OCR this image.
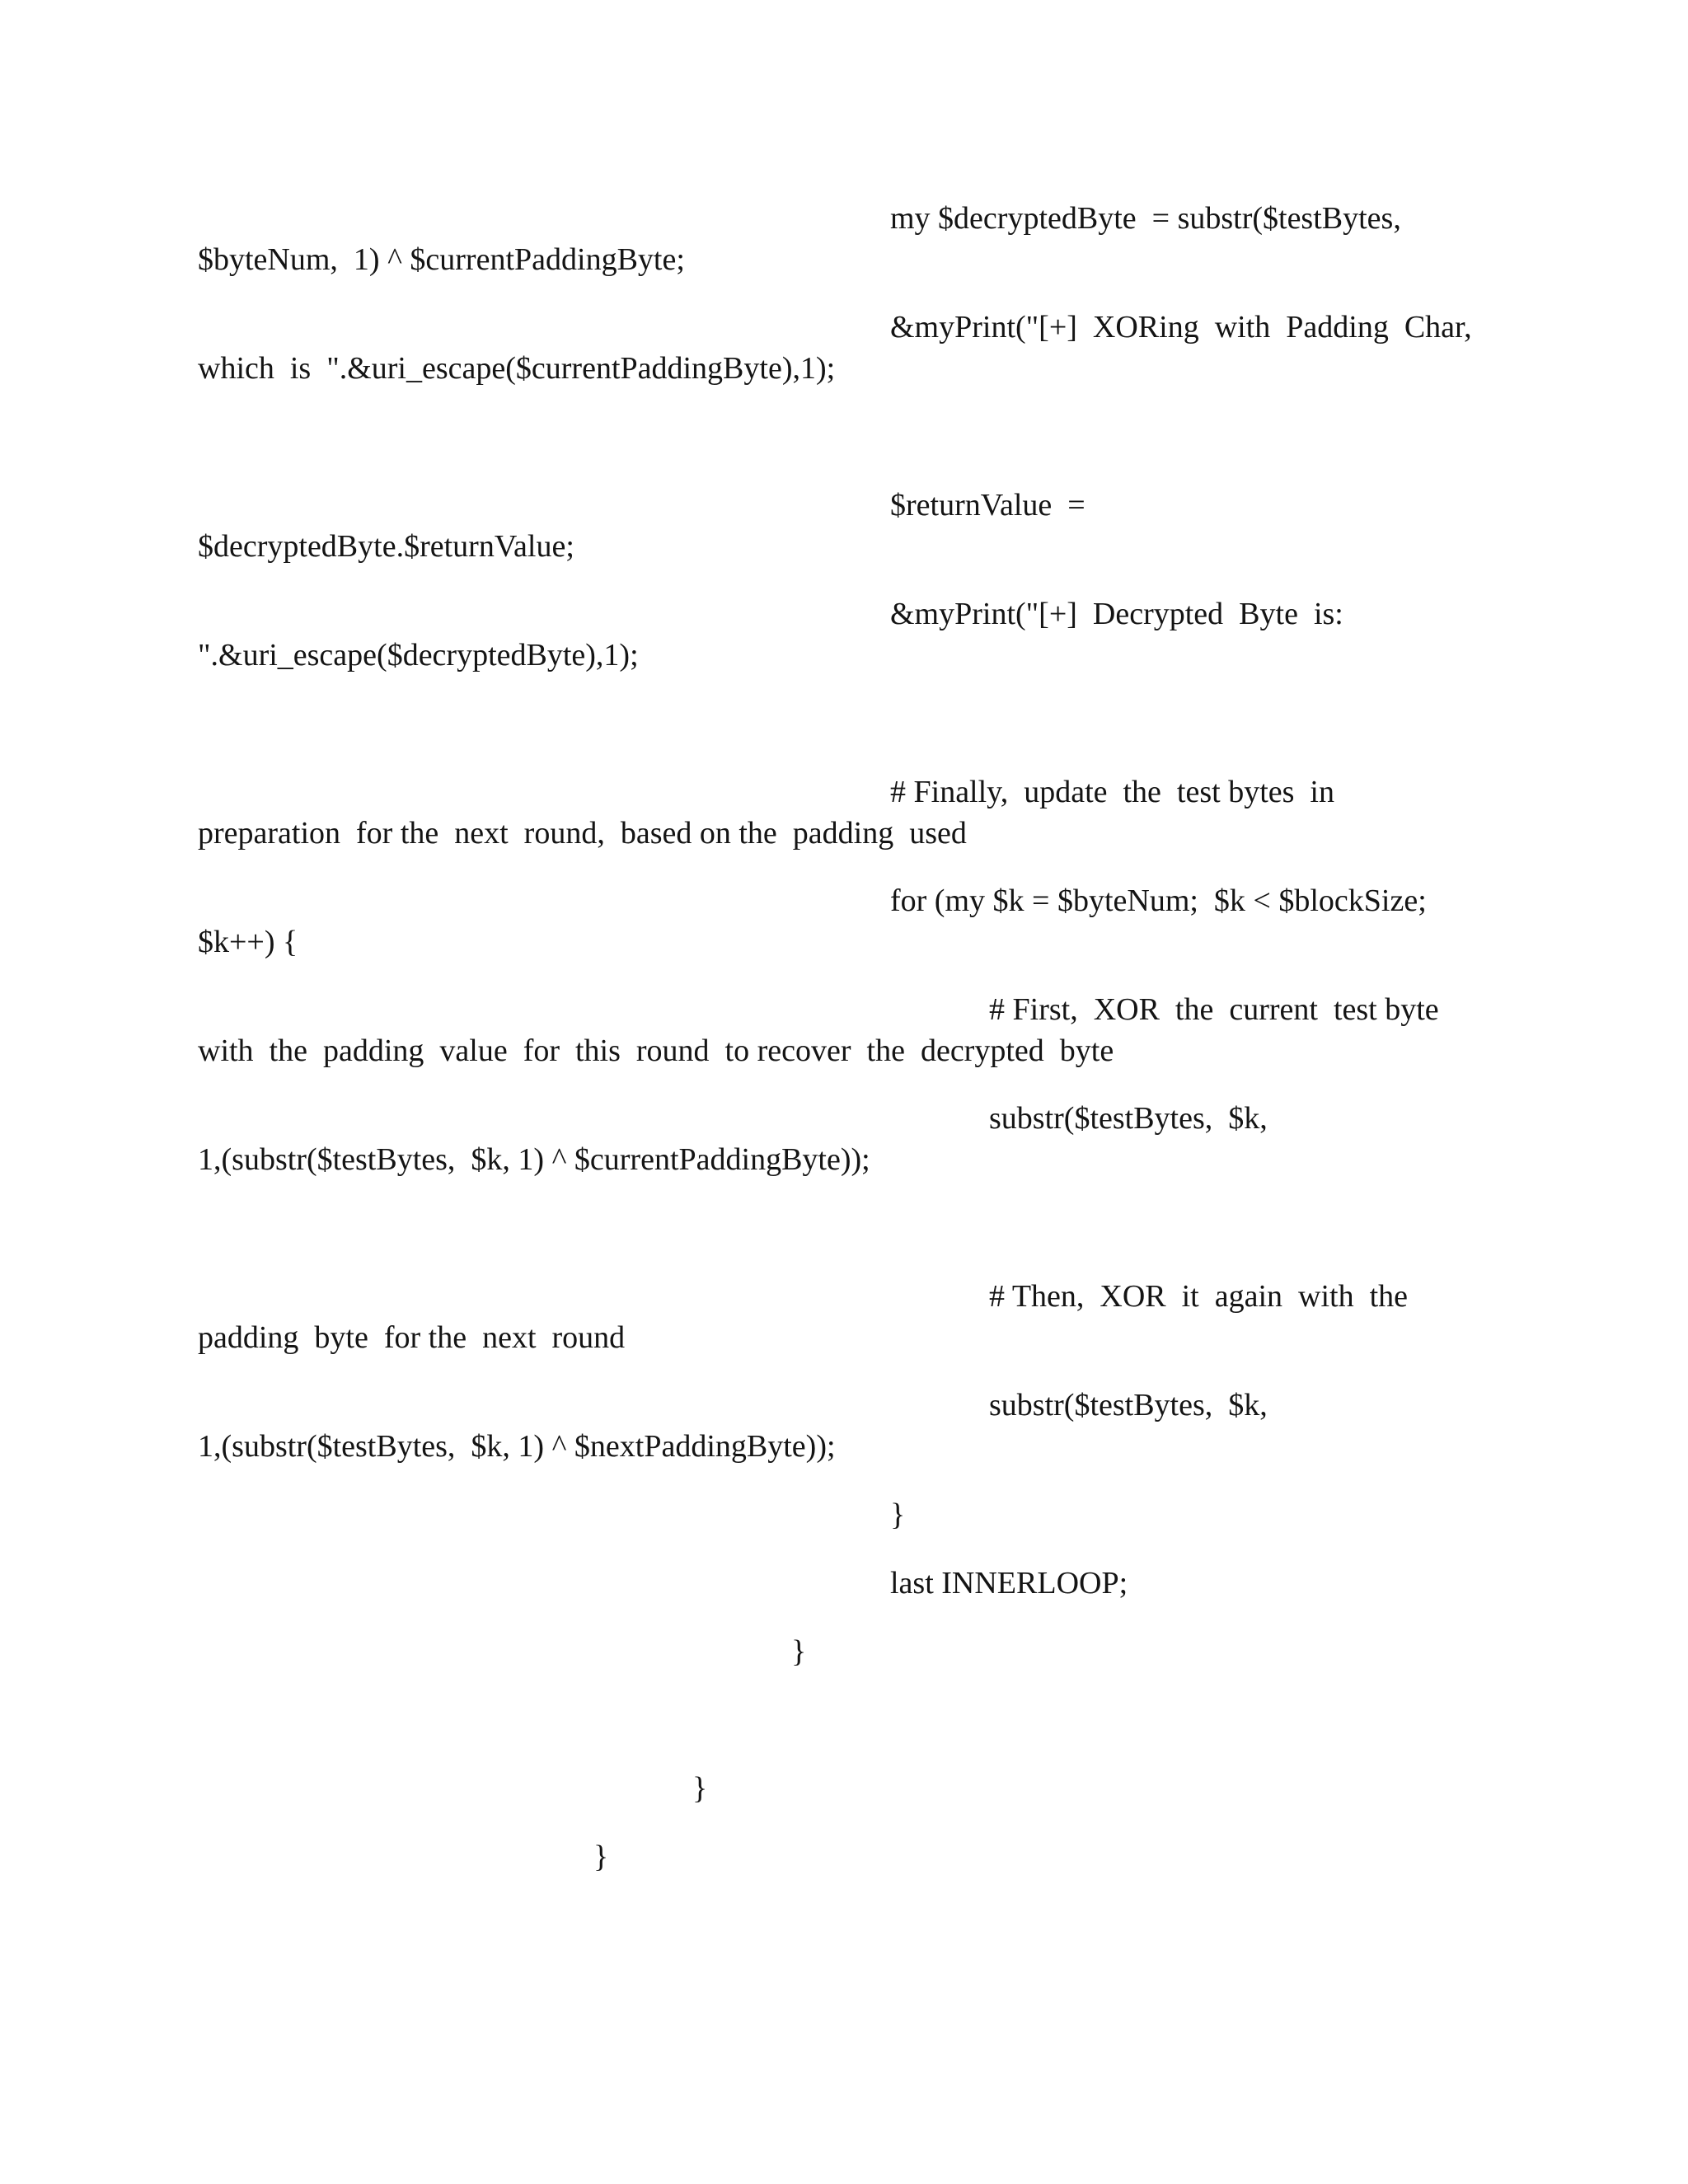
my $decryptedByte  = substr($testBytes,

$byteNum,  1) ^ $currentPaddingByte;

&myPrint("[+]  XORing  with  Padding  Char,

which  is  ".&uri_escape($currentPaddingByte),1);

$returnValue  =

$decryptedByte.$returnValue;

&myPrint("[+]  Decrypted  Byte  is:

".&uri_escape($decryptedByte),1);

# Finally,  update  the  test bytes  in

preparation  for the  next  round,  based on the  padding  used

for (my $k = $byteNum;  $k < $blockSize;

$k++) {

# First,  XOR  the  current  test byte

with  the  padding  value  for  this  round  to recover  the  decrypted  byte

substr($testBytes,  $k,

1,(substr($testBytes,  $k, 1) ^ $currentPaddingByte));

# Then,  XOR  it  again  with  the

padding  byte  for the  next  round

substr($testBytes,  $k,

1,(substr($testBytes,  $k, 1) ^ $nextPaddingByte));

}

last INNERLOOP;

}
}
}
